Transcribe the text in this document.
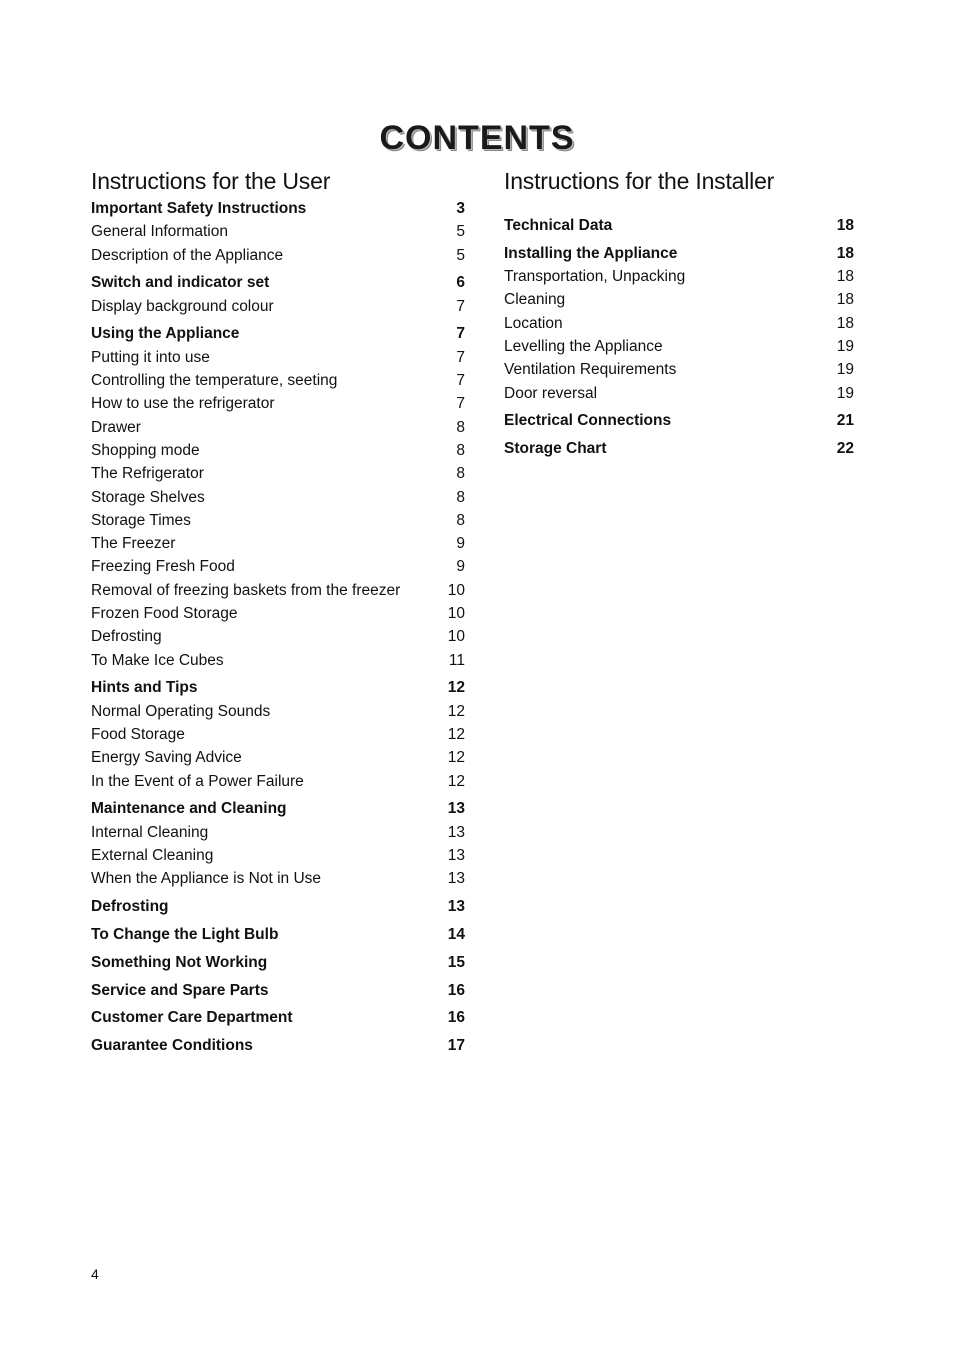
CONTENTS
Instructions for the User
Important Safety Instructions	3
General Information	5
Description of the Appliance	5
Switch and indicator set	6
Display background colour	7
Using the Appliance	7
Putting it into use	7
Controlling the temperature, seeting	7
How to use the refrigerator	7
Drawer	8
Shopping mode	8
The Refrigerator	8
Storage Shelves	8
Storage Times	8
The Freezer	9
Freezing Fresh Food	9
Removal of freezing baskets from the freezer	10
Frozen Food Storage	10
Defrosting	10
To Make Ice Cubes	11
Hints and Tips	12
Normal Operating Sounds	12
Food Storage	12
Energy Saving Advice	12
In the Event of a Power Failure	12
Maintenance and Cleaning	13
Internal Cleaning	13
External Cleaning	13
When the Appliance is Not in Use	13
Defrosting	13
To Change the Light Bulb	14
Something Not Working	15
Service and Spare Parts	16
Customer Care Department	16
Guarantee Conditions	17
Instructions for the Installer
Technical Data	18
Installing the Appliance	18
Transportation, Unpacking	18
Cleaning	18
Location	18
Levelling the Appliance	19
Ventilation Requirements	19
Door reversal	19
Electrical Connections	21
Storage Chart	22
4
